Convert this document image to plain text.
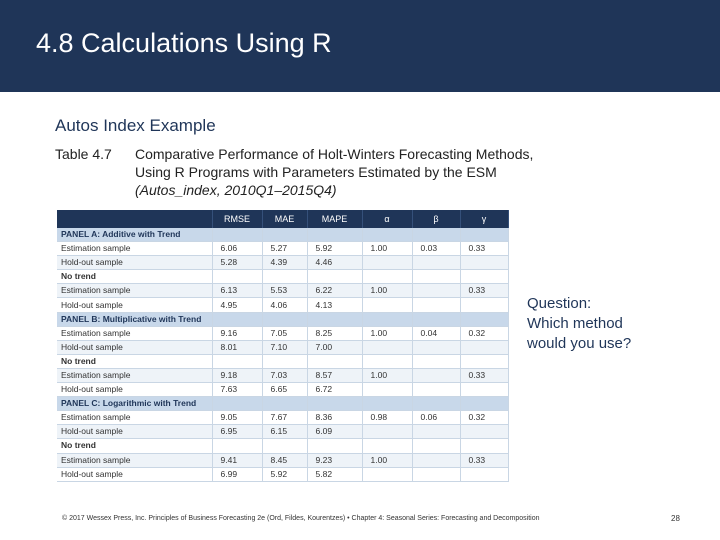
4.8 Calculations Using R
Autos Index Example
Table 4.7 Comparative Performance of Holt-Winters Forecasting Methods,
Using R Programs with Parameters Estimated by the ESM
(Autos_index, 2010Q1–2015Q4)
	RMSE	MAE	MAPE	α	β	γ
PANEL A: Additive with Trend						
Estimation sample	6.06	5.27	5.92	1.00	0.03	0.33
Hold-out sample	5.28	4.39	4.46			
No trend						
Estimation sample	6.13	5.53	6.22	1.00		0.33
Hold-out sample	4.95	4.06	4.13			
PANEL B: Multiplicative with Trend						
Estimation sample	9.16	7.05	8.25	1.00	0.04	0.32
Hold-out sample	8.01	7.10	7.00			
No trend						
Estimation sample	9.18	7.03	8.57	1.00		0.33
Hold-out sample	7.63	6.65	6.72			
PANEL C: Logarithmic with Trend						
Estimation sample	9.05	7.67	8.36	0.98	0.06	0.32
Hold-out sample	6.95	6.15	6.09			
No trend						
Estimation sample	9.41	8.45	9.23	1.00		0.33
Hold-out sample	6.99	5.92	5.82			
Question:
Which method
would you use?
© 2017 Wessex Press, Inc. Principles of Business Forecasting 2e (Ord, Fildes, Kourentzes) • Chapter 4: Seasonal Series: Forecasting and Decomposition	28
